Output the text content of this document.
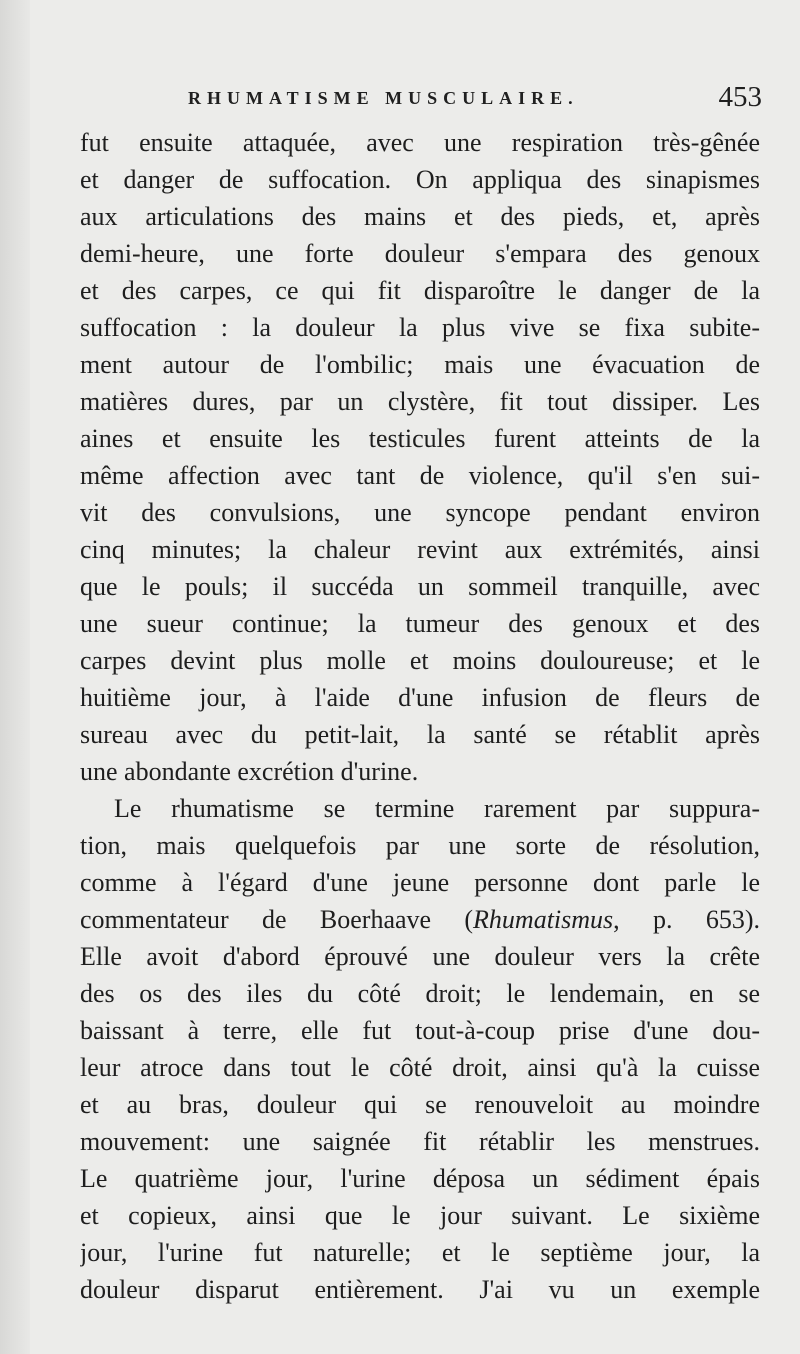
RHUMATISME MUSCULAIRE.	453
fut ensuite attaquée, avec une respiration très-gênée
et danger de suffocation. On appliqua des sinapismes
aux articulations des mains et des pieds, et, après
demi-heure, une forte douleur s'empara des genoux
et des carpes, ce qui fit disparoître le danger de la
suffocation : la douleur la plus vive se fixa subite-
ment autour de l'ombilic; mais une évacuation de
matières dures, par un clystère, fit tout dissiper. Les
aines et ensuite les testicules furent atteints de la
même affection avec tant de violence, qu'il s'en sui-
vit des convulsions, une syncope pendant environ
cinq minutes; la chaleur revint aux extrémités, ainsi
que le pouls; il succéda un sommeil tranquille, avec
une sueur continue; la tumeur des genoux et des
carpes devint plus molle et moins douloureuse; et le
huitième jour, à l'aide d'une infusion de fleurs de
sureau avec du petit-lait, la santé se rétablit après
une abondante excrétion d'urine.
Le rhumatisme se termine rarement par suppura-
tion, mais quelquefois par une sorte de résolution,
comme à l'égard d'une jeune personne dont parle le
commentateur de Boerhaave (Rhumatismus, p. 653).
Elle avoit d'abord éprouvé une douleur vers la crête
des os des iles du côté droit; le lendemain, en se
baissant à terre, elle fut tout-à-coup prise d'une dou-
leur atroce dans tout le côté droit, ainsi qu'à la cuisse
et au bras, douleur qui se renouveloit au moindre
mouvement: une saignée fit rétablir les menstrues.
Le quatrième jour, l'urine déposa un sédiment épais
et copieux, ainsi que le jour suivant. Le sixième
jour, l'urine fut naturelle; et le septième jour, la
douleur disparut entièrement. J'ai vu un exemple
